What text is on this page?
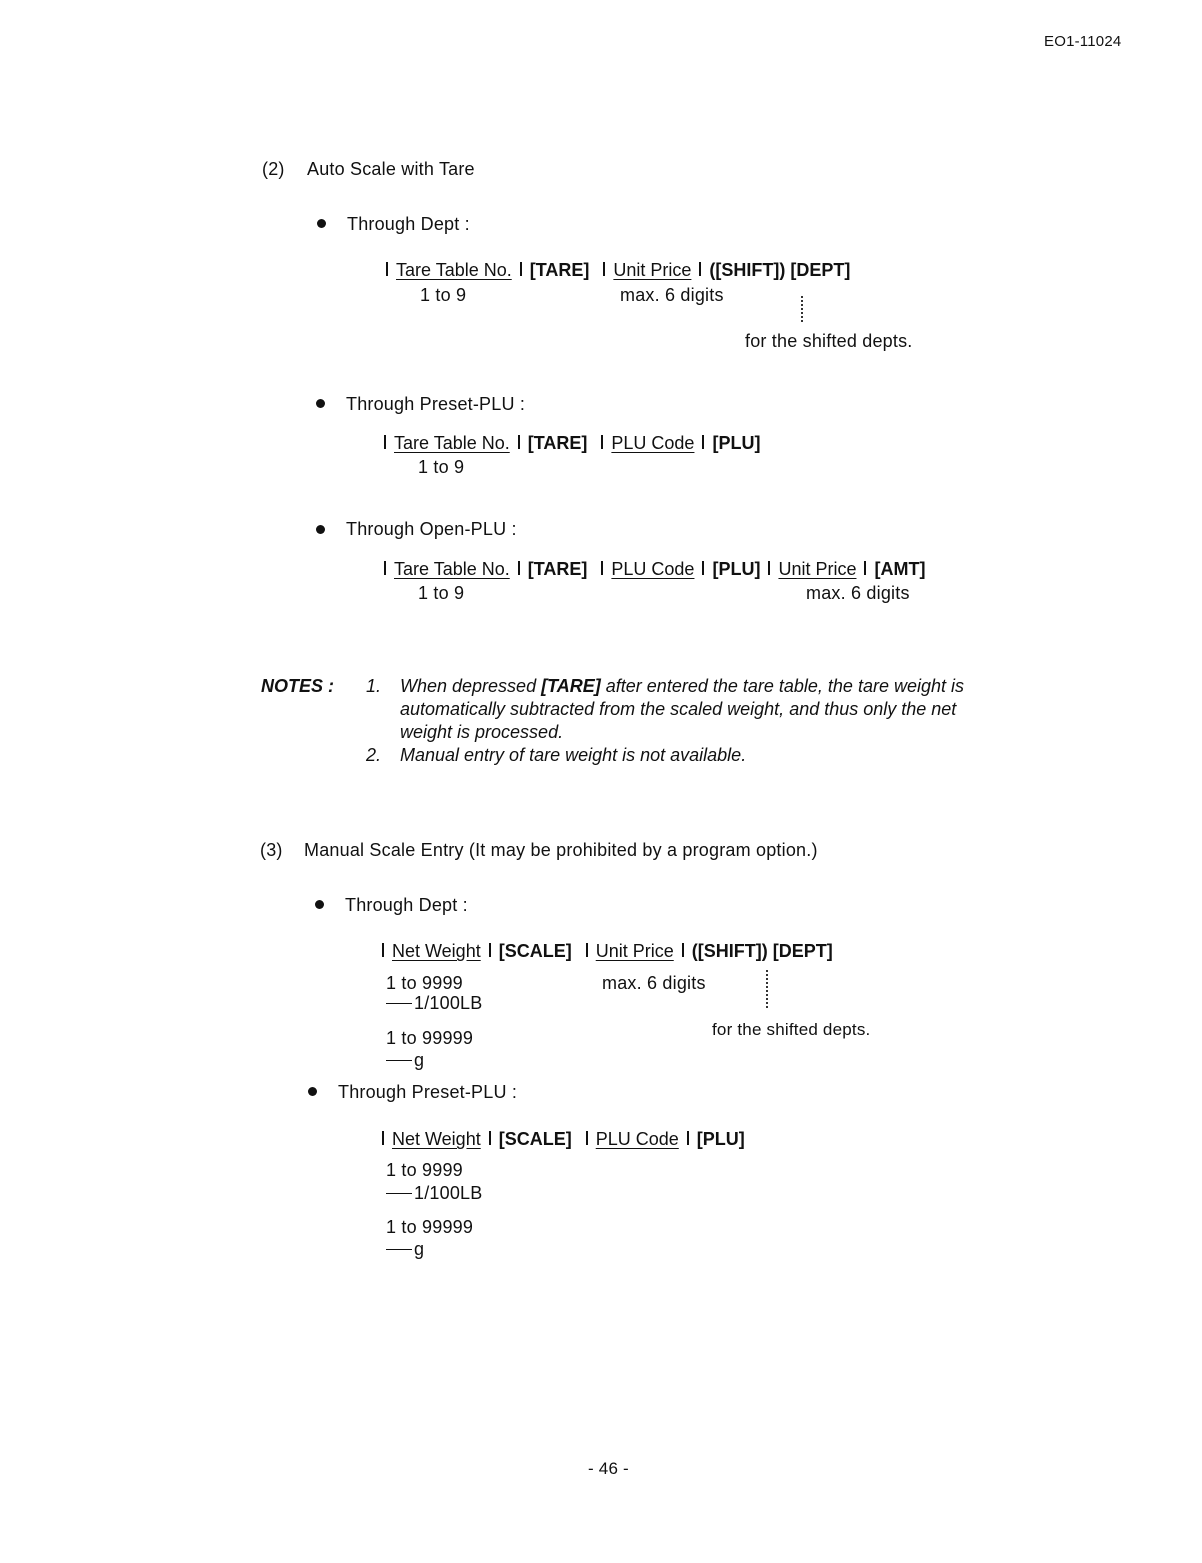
EO1-11024
(2) Auto Scale with Tare
Through Dept :
Tare Table No. [TARE] Unit Price ([SHIFT]) [DEPT]
1 to 9	max. 6 digits
for the shifted depts.
Through Preset-PLU :
Tare Table No. [TARE] PLU Code [PLU]
1 to 9
Through Open-PLU :
Tare Table No. [TARE] PLU Code [PLU] Unit Price [AMT]
1 to 9	max. 6 digits
NOTES : 1. When depressed [TARE] after entered the tare table, the tare weight is
automatically subtracted from the scaled weight, and thus only the net
weight is processed.
2. Manual entry of tare weight is not available.
(3) Manual Scale Entry (It may be prohibited by a program option.)
Through Dept :
Net Weight [SCALE] Unit Price ([SHIFT]) [DEPT]
1 to 9999
1/100LB
1 to 99999
g
max. 6 digits
for the shifted depts.
Through Preset-PLU :
Net Weight [SCALE] PLU Code [PLU]
1 to 9999
1/100LB
1 to 99999
g
- 46 -
